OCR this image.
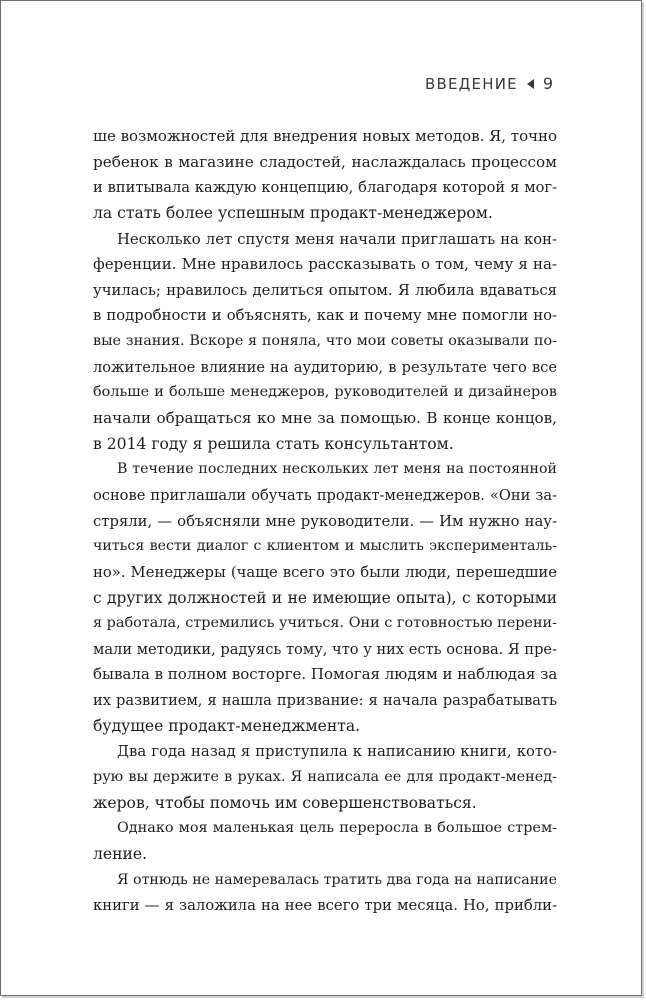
ВВЕДЕНИЕ 9
ше возможностей для внедрения новых методов. Я, точно
ребенок в магазине сладостей, наслаждалась процессом
и впитывала каждую концепцию, благодаря которой я мог-
ла стать более успешным продакт-менеджером.
Несколько лет спустя меня начали приглашать на кон-
ференции. Мне нравилось рассказывать о том, чему я на-
училась; нравилось делиться опытом. Я любила вдаваться
в подробности и объяснять, как и почему мне помогли но-
вые знания. Вскоре я поняла, что мои советы оказывали по-
ложительное влияние на аудиторию, в результате чего все
больше и больше менеджеров, руководителей и дизайнеров
начали обращаться ко мне за помощью. В конце концов,
в 2014 году я решила стать консультантом.
В течение последних нескольких лет меня на постоянной
основе приглашали обучать продакт-менеджеров. «Они за-
стряли, — объясняли мне руководители. — Им нужно нау-
читься вести диалог с клиентом и мыслить эксперименталь-
но». Менеджеры (чаще всего это были люди, перешедшие
с других должностей и не имеющие опыта), с которыми
я работала, стремились учиться. Они с готовностью перени-
мали методики, радуясь тому, что у них есть основа. Я пре-
бывала в полном восторге. Помогая людям и наблюдая за
их развитием, я нашла призвание: я начала разрабатывать
будущее продакт-менеджмента.
Два года назад я приступила к написанию книги, кото-
рую вы держите в руках. Я написала ее для продакт-менед-
жеров, чтобы помочь им совершенствоваться.
Однако моя маленькая цель переросла в большое стрем-
ление.
Я отнюдь не намеревалась тратить два года на написание
книги — я заложила на нее всего три месяца. Но, прибли-
